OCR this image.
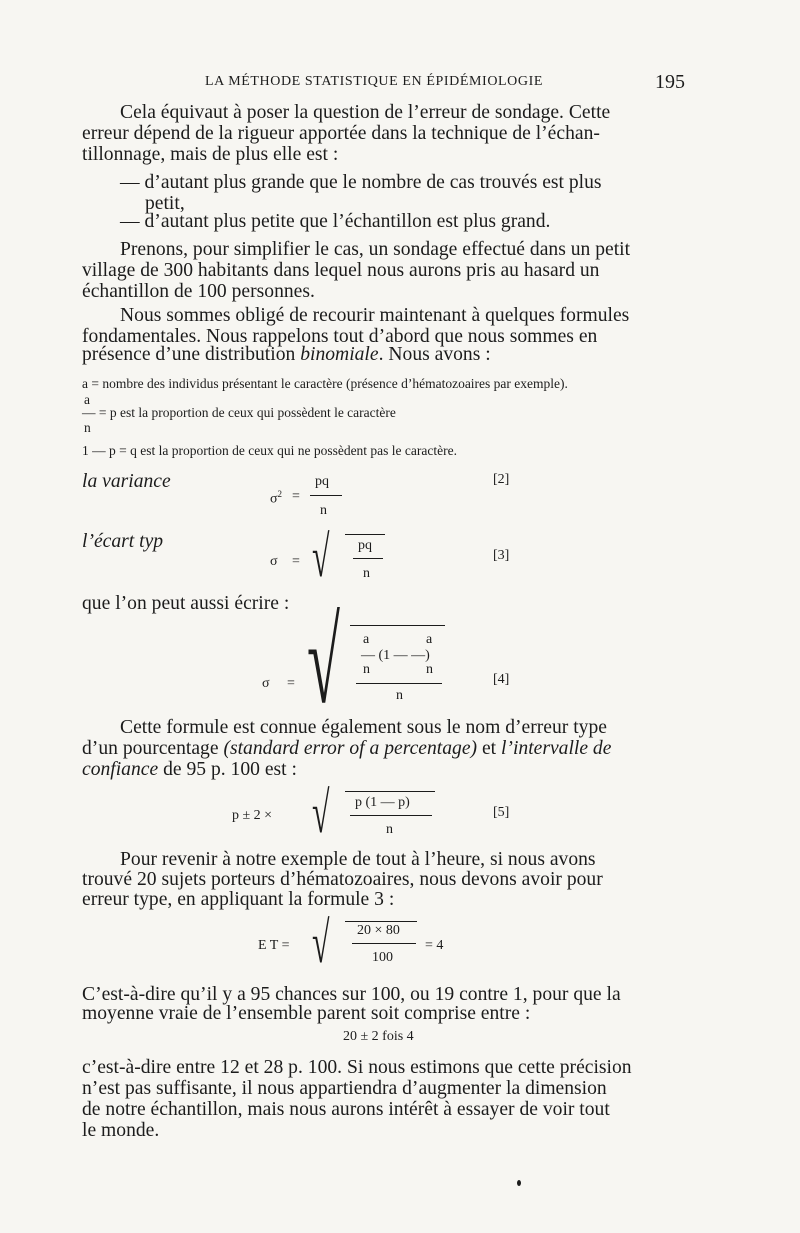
LA MÉTHODE STATISTIQUE EN ÉPIDÉMIOLOGIE	195
Cela équivaut à poser la question de l’erreur de sondage. Cette
erreur dépend de la rigueur apportée dans la technique de l’échan-
tillonnage, mais de plus elle est :
— d’autant plus grande que le nombre de cas trouvés est plus
petit,
— d’autant plus petite que l’échantillon est plus grand.
Prenons, pour simplifier le cas, un sondage effectué dans un petit
village de 300 habitants dans lequel nous aurons pris au hasard un
échantillon de 100 personnes.
Nous sommes obligé de recourir maintenant à quelques formules
fondamentales. Nous rappelons tout d’abord que nous sommes en
présence d’une distribution binomiale. Nous avons :
a = nombre des individus présentant le caractère (présence d’hématozoaires par exemple).
a
— = p est la proportion de ceux qui possèdent le caractère
n
1 — p = q est la proportion de ceux qui ne possèdent pas le caractère.
la variance
$\sigma^2$ =
pq
n
[2]
l’écart typ
σ = √ pq
n
[3]
que l’on peut aussi écrire :
σ = √ a	a
— (1 — —)
n	n
n
[4]
Cette formule est connue également sous le nom d’erreur type
d’un pourcentage (standard error of a percentage) et l’intervalle de
confiance de 95 p. 100 est :
p ± 2 × √ p (1 — p)
n
[5]
Pour revenir à notre exemple de tout à l’heure, si nous avons
trouvé 20 sujets porteurs d’hématozoaires, nous devons avoir pour
erreur type, en appliquant la formule 3 :
E T = √ 20 × 80
100
= 4
C’est-à-dire qu’il y a 95 chances sur 100, ou 19 contre 1, pour que la
moyenne vraie de l’ensemble parent soit comprise entre :
20 ± 2 fois 4
c’est-à-dire entre 12 et 28 p. 100. Si nous estimons que cette précision
n’est pas suffisante, il nous appartiendra d’augmenter la dimension
de notre échantillon, mais nous aurons intérêt à essayer de voir tout
le monde.
